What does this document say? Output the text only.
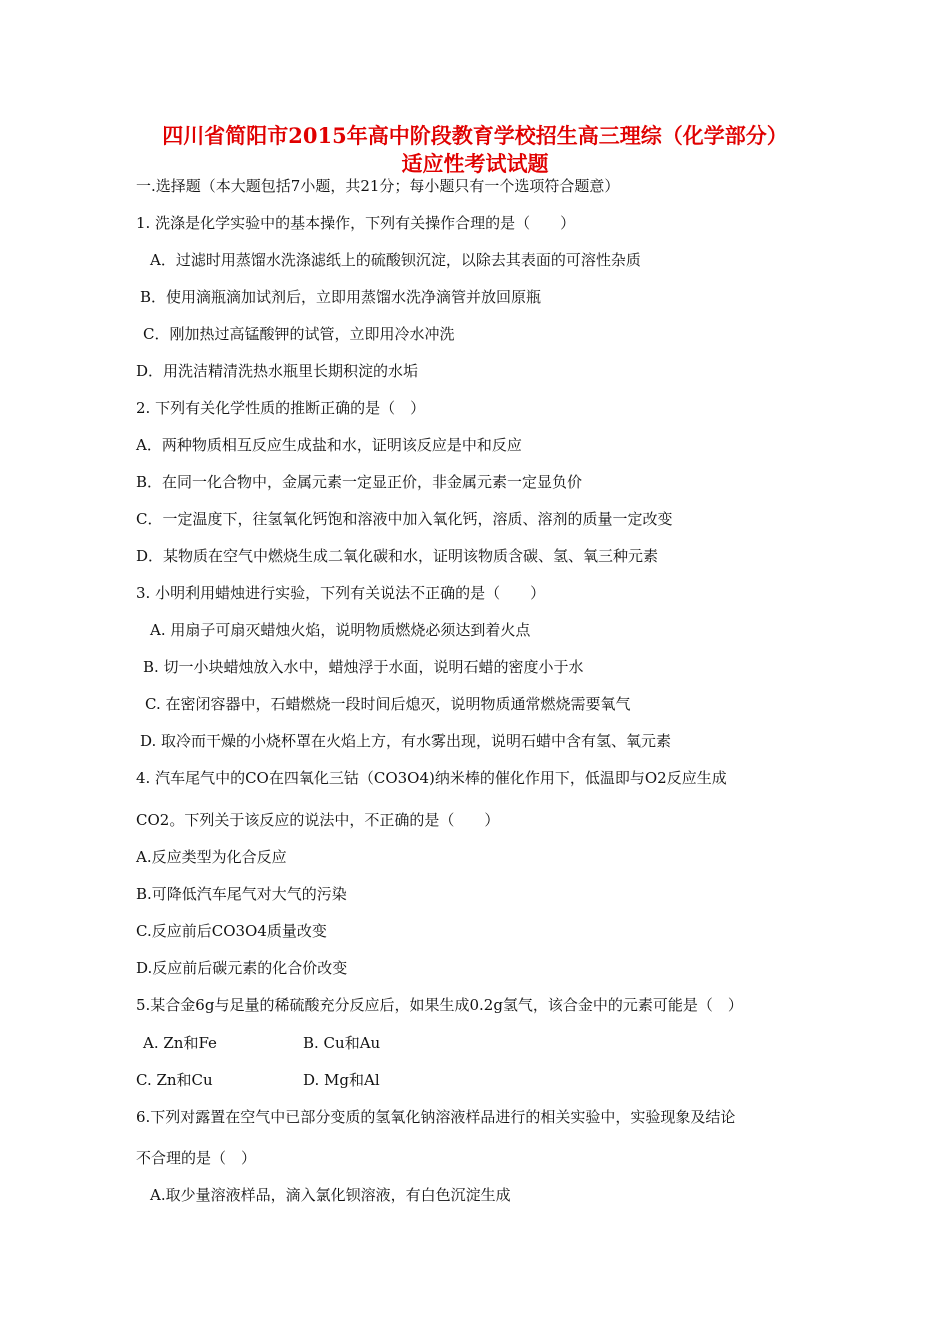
四川省简阳市2015年高中阶段教育学校招生高三理综（化学部分）
适应性考试试题
一.选择题（本大题包括7小题，共21分；每小题只有一个选项符合题意）
1. 洗涤是化学实验中的基本操作，下列有关操作合理的是（　　）
A．过滤时用蒸馏水洗涤滤纸上的硫酸钡沉淀，以除去其表面的可溶性杂质
B．使用滴瓶滴加试剂后，立即用蒸馏水洗净滴管并放回原瓶
C．刚加热过高锰酸钾的试管，立即用冷水冲洗
D．用洗洁精清洗热水瓶里长期积淀的水垢
2. 下列有关化学性质的推断正确的是（　）
A．两种物质相互反应生成盐和水，证明该反应是中和反应
B．在同一化合物中，金属元素一定显正价，非金属元素一定显负价
C．一定温度下，往氢氧化钙饱和溶液中加入氧化钙，溶质、溶剂的质量一定改变
D．某物质在空气中燃烧生成二氧化碳和水，证明该物质含碳、氢、氧三种元素
3. 小明利用蜡烛进行实验，下列有关说法不正确的是（　　）
A. 用扇子可扇灭蜡烛火焰，说明物质燃烧必须达到着火点
B. 切一小块蜡烛放入水中，蜡烛浮于水面，说明石蜡的密度小于水
C. 在密闭容器中，石蜡燃烧一段时间后熄灭，说明物质通常燃烧需要氧气
D. 取冷而干燥的小烧杯罩在火焰上方，有水雾出现，说明石蜡中含有氢、氧元素
4. 汽车尾气中的CO在四氧化三钴（CO3O4)纳米棒的催化作用下，低温即与O2反应生成
CO2。下列关于该反应的说法中，不正确的是（　　）
A.反应类型为化合反应
B.可降低汽车尾气对大气的污染
C.反应前后CO3O4质量改变
D.反应前后碳元素的化合价改变
5.某合金6g与足量的稀硫酸充分反应后，如果生成0.2g氢气，该合金中的元素可能是（　）
A. Zn和Fe	B. Cu和Au
C. Zn和Cu	D. Mg和Al
6.下列对露置在空气中已部分变质的氢氧化钠溶液样品进行的相关实验中，实验现象及结论
不合理的是（　）
A.取少量溶液样品，滴入氯化钡溶液，有白色沉淀生成
